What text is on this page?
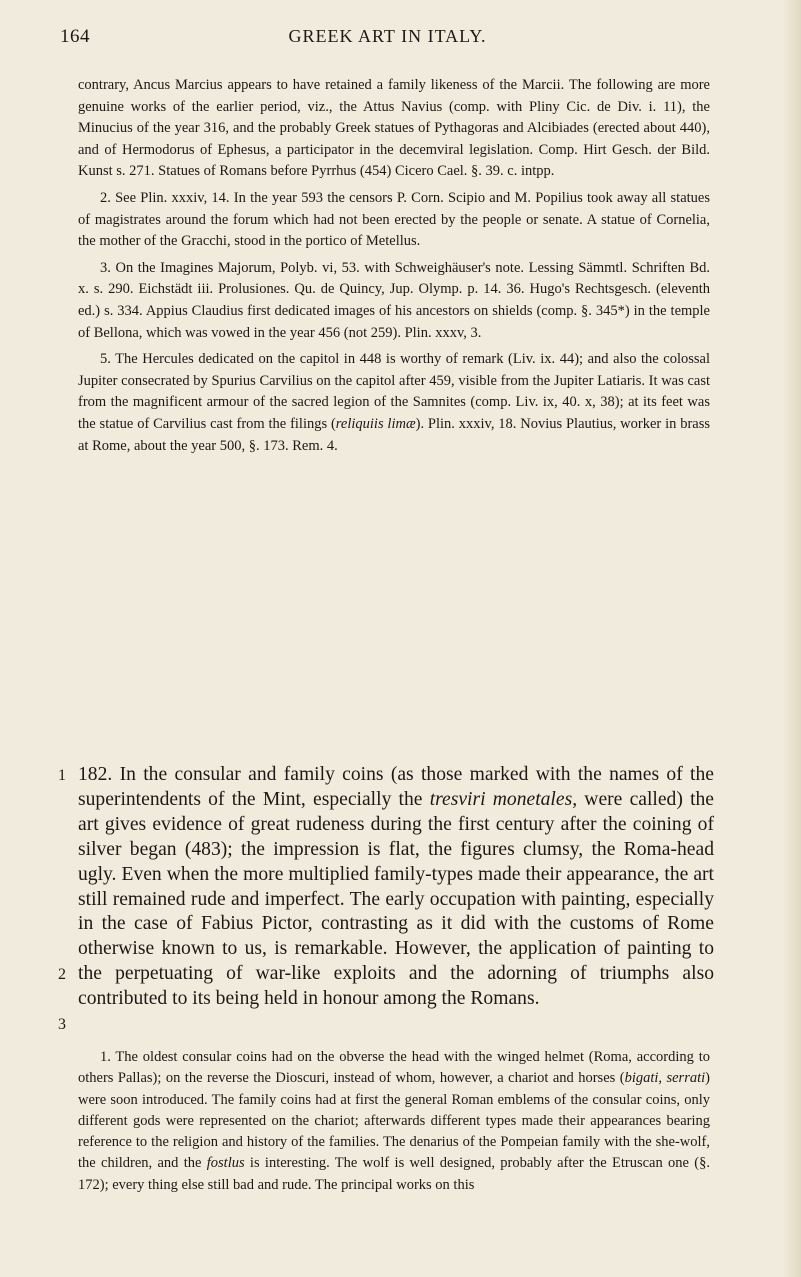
164	GREEK ART IN ITALY.

contrary, Ancus Marcius appears to have retained a family likeness of the Marcii. The following are more genuine works of the earlier period, viz., the Attus Navius (comp. with Pliny Cic. de Div. i. 11), the Minucius of the year 316, and the probably Greek statues of Pythagoras and Alcibiades (erected about 440), and of Hermodorus of Ephesus, a participator in the decemviral legislation. Comp. Hirt Gesch. der Bild. Kunst s. 271. Statues of Romans before Pyrrhus (454) Cicero Cael. §. 39. c. intpp.

2. See Plin. xxxiv, 14. In the year 593 the censors P. Corn. Scipio and M. Popilius took away all statues of magistrates around the forum which had not been erected by the people or senate. A statue of Cornelia, the mother of the Gracchi, stood in the portico of Metellus.

3. On the Imagines Majorum, Polyb. vi, 53. with Schweighäuser's note. Lessing Sämmtl. Schriften Bd. x. s. 290. Eichstädt iii. Prolusiones. Qu. de Quincy, Jup. Olymp. p. 14. 36. Hugo's Rechtsgesch. (eleventh ed.) s. 334. Appius Claudius first dedicated images of his ancestors on shields (comp. §. 345*) in the temple of Bellona, which was vowed in the year 456 (not 259). Plin. xxxv, 3.

5. The Hercules dedicated on the capitol in 448 is worthy of remark (Liv. ix. 44); and also the colossal Jupiter consecrated by Spurius Carvilius on the capitol after 459, visible from the Jupiter Latiaris. It was cast from the magnificent armour of the sacred legion of the Samnites (comp. Liv. ix, 40. x, 38); at its feet was the statue of Carvilius cast from the filings (reliquiis limæ). Plin. xxxiv, 18. Novius Plautius, worker in brass at Rome, about the year 500, §. 173. Rem. 4.

1
2
3

182. In the consular and family coins (as those marked with the names of the superintendents of the Mint, especially the tresviri monetales, were called) the art gives evidence of great rudeness during the first century after the coining of silver began (483); the impression is flat, the figures clumsy, the Roma-head ugly. Even when the more multiplied family-types made their appearance, the art still remained rude and imperfect. The early occupation with painting, especially in the case of Fabius Pictor, contrasting as it did with the customs of Rome otherwise known to us, is remarkable. However, the application of painting to the perpetuating of war-like exploits and the adorning of triumphs also contributed to its being held in honour among the Romans.

1. The oldest consular coins had on the obverse the head with the winged helmet (Roma, according to others Pallas); on the reverse the Dioscuri, instead of whom, however, a chariot and horses (bigati, serrati) were soon introduced. The family coins had at first the general Roman emblems of the consular coins, only different gods were represented on the chariot; afterwards different types made their appearances bearing reference to the religion and history of the families. The denarius of the Pompeian family with the she-wolf, the children, and the fostlus is interesting. The wolf is well designed, probably after the Etruscan one (§. 172); every thing else still bad and rude. The principal works on this
